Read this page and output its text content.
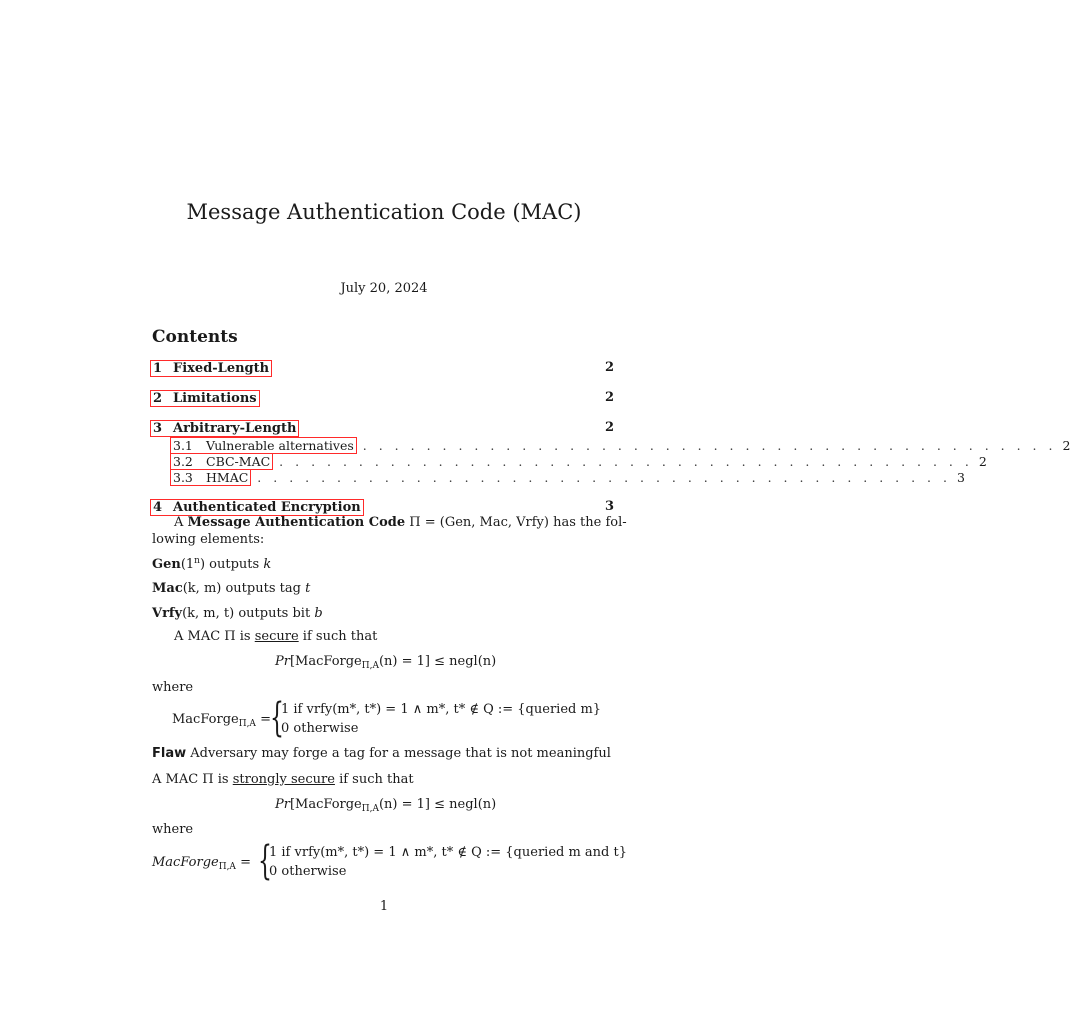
Message Authentication Code (MAC)
July 20, 2024
Contents
1 Fixed-Length	2
2 Limitations	2
3 Arbitrary-Length	2
3.1 Vulnerable alternatives . . . . . . . . . . . . . . . . . . . . . . . . . . . . . . . . . . . . . . . . . . . . 2
3.2 CBC-MAC . . . . . . . . . . . . . . . . . . . . . . . . . . . . . . . . . . . . . . . . . . . . 2
3.3 HMAC . . . . . . . . . . . . . . . . . . . . . . . . . . . . . . . . . . . . . . . . . . . . 3
4 Authenticated Encryption	3
A Message Authentication Code Π = (Gen, Mac, Vrfy) has the fol-
lowing elements:
Gen(1$^n$) outputs k
Mac(k, m) outputs tag t
Vrfy(k, m, t) outputs bit b
A MAC Π is secure if such that
Pr[MacForge$_{\Pi,A}$(n) = 1] ≤ negl(n)
where
MacForge$_{\Pi,A}$ = {
1 if vrfy(m*, t*) = 1 ∧ m*, t* ∉ Q := {queried m}
0 otherwise
Flaw Adversary may forge a tag for a message that is not meaningful
A MAC Π is strongly secure if such that
Pr[MacForge$_{\Pi,A}$(n) = 1] ≤ negl(n)
where
MacForge$_{\Pi,A}$ = {
1 if vrfy(m*, t*) = 1 ∧ m*, t* ∉ Q := {queried m and t}
0 otherwise
1
